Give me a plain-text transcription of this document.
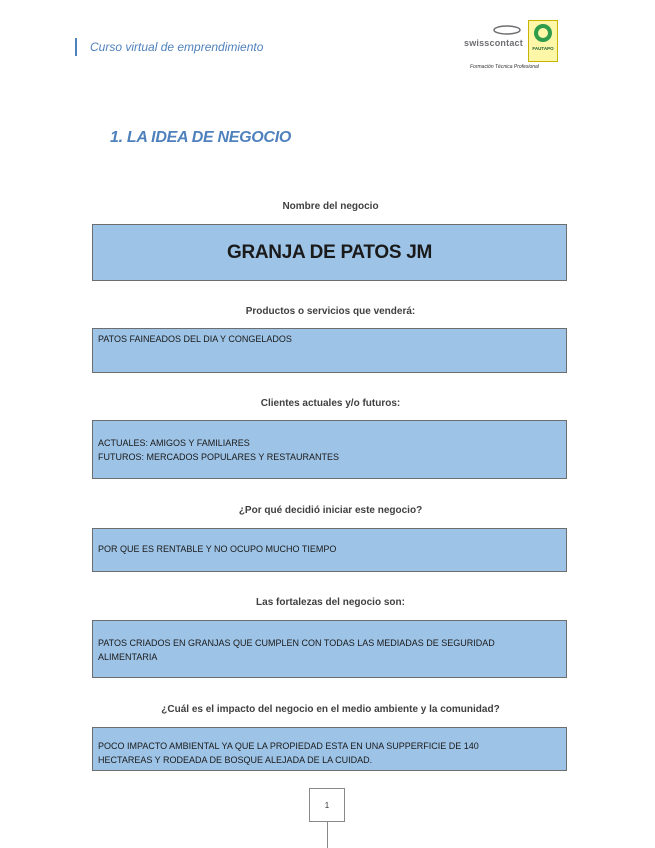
Curso virtual de emprendimiento	swisscontact
FAUTAPO
Formación Técnica Profesional
1. LA IDEA DE NEGOCIO
Nombre del negocio
GRANJA DE PATOS JM
Productos o servicios que venderá:
PATOS FAINEADOS DEL DIA Y CONGELADOS
Clientes actuales y/o futuros:
ACTUALES: AMIGOS Y FAMILIARES
FUTUROS: MERCADOS POPULARES Y RESTAURANTES
¿Por qué decidió iniciar este negocio?
POR QUE ES RENTABLE Y NO OCUPO MUCHO TIEMPO
Las fortalezas del negocio son:
PATOS CRIADOS EN GRANJAS QUE CUMPLEN CON TODAS LAS MEDIADAS DE SEGURIDAD
ALIMENTARIA
¿Cuál es el impacto del negocio en el medio ambiente y la comunidad?
POCO IMPACTO AMBIENTAL YA QUE LA PROPIEDAD ESTA EN UNA SUPPERFICIE DE 140
HECTAREAS Y RODEADA DE BOSQUE ALEJADA DE LA CUIDAD.
1
